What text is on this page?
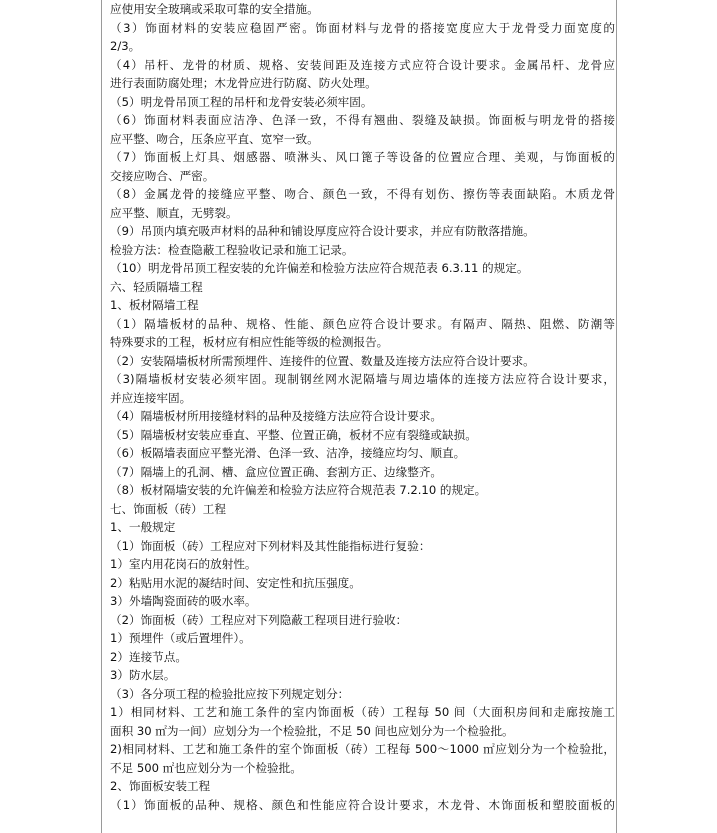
应使用安全玻璃或采取可靠的安全措施。
（3）饰面材料的安装应稳固严密。饰面材料与龙骨的搭接宽度应大于龙骨受力面宽度的
2/3。
（4）吊杆、龙骨的材质、规格、安装间距及连接方式应符合设计要求。金属吊杆、龙骨应
进行表面防腐处理；木龙骨应进行防腐、防火处理。
（5）明龙骨吊顶工程的吊杆和龙骨安装必须牢固。
（6）饰面材料表面应洁净、色泽一致，不得有翘曲、裂缝及缺损。饰面板与明龙骨的搭接
应平整、吻合，压条应平直、宽窄一致。
（7）饰面板上灯具、烟感器、喷淋头、风口篦子等设备的位置应合理、美观，与饰面板的
交接应吻合、严密。
（8）金属龙骨的接缝应平整、吻合、颜色一致，不得有划伤、擦伤等表面缺陷。木质龙骨
应平整、顺直，无劈裂。
（9）吊顶内填充吸声材料的品种和铺设厚度应符合设计要求，并应有防散落措施。
检验方法：检查隐蔽工程验收记录和施工记录。
（10）明龙骨吊顶工程安装的允许偏差和检验方法应符合规范表 6.3.11 的规定。
六、轻质隔墙工程
1、板材隔墙工程
（1）隔墙板材的品种、规格、性能、颜色应符合设计要求。有隔声、隔热、阻燃、防潮等
特殊要求的工程，板材应有相应性能等级的检测报告。
（2）安装隔墙板材所需预埋件、连接件的位置、数量及连接方法应符合设计要求。
（3)隔墙板材安装必须牢固。现制钢丝网水泥隔墙与周边墙体的连接方法应符合设计要求，
并应连接牢固。
（4）隔墙板材所用接缝材料的品种及接缝方法应符合设计要求。
（5）隔墙板材安装应垂直、平整、位置正确，板材不应有裂缝或缺损。
（6）板隔墙表面应平整光滑、色泽一致、洁净，接缝应均匀、顺直。
（7）隔墙上的孔洞、槽、盒应位置正确、套割方正、边缘整齐。
（8）板材隔墙安装的允许偏差和检验方法应符合规范表 7.2.10 的规定。
七、饰面板（砖）工程
1、一般规定
（1）饰面板（砖）工程应对下列材料及其性能指标进行复验：
1）室内用花岗石的放射性。
2）粘贴用水泥的凝结时间、安定性和抗压强度。
3）外墙陶瓷面砖的吸水率。
（2）饰面板（砖）工程应对下列隐蔽工程项目进行验收：
1）预埋件（或后置埋件）。
2）连接节点。
3）防水层。
（3）各分项工程的检验批应按下列规定划分：
1）相同材料、工艺和施工条件的室内饰面板（砖）工程每 50 间（大面积房间和走廊按施工
面积 30 ㎡为一间）应划分为一个检验批，不足 50 间也应划分为一个检验批。
2)相同材料、工艺和施工条件的室个饰面板（砖）工程每 500～1000 ㎡应划分为一个检验批，
不足 500 ㎡也应划分为一个检验批。
2、饰面板安装工程
（1）饰面板的品种、规格、颜色和性能应符合设计要求，木龙骨、木饰面板和塑胶面板的
